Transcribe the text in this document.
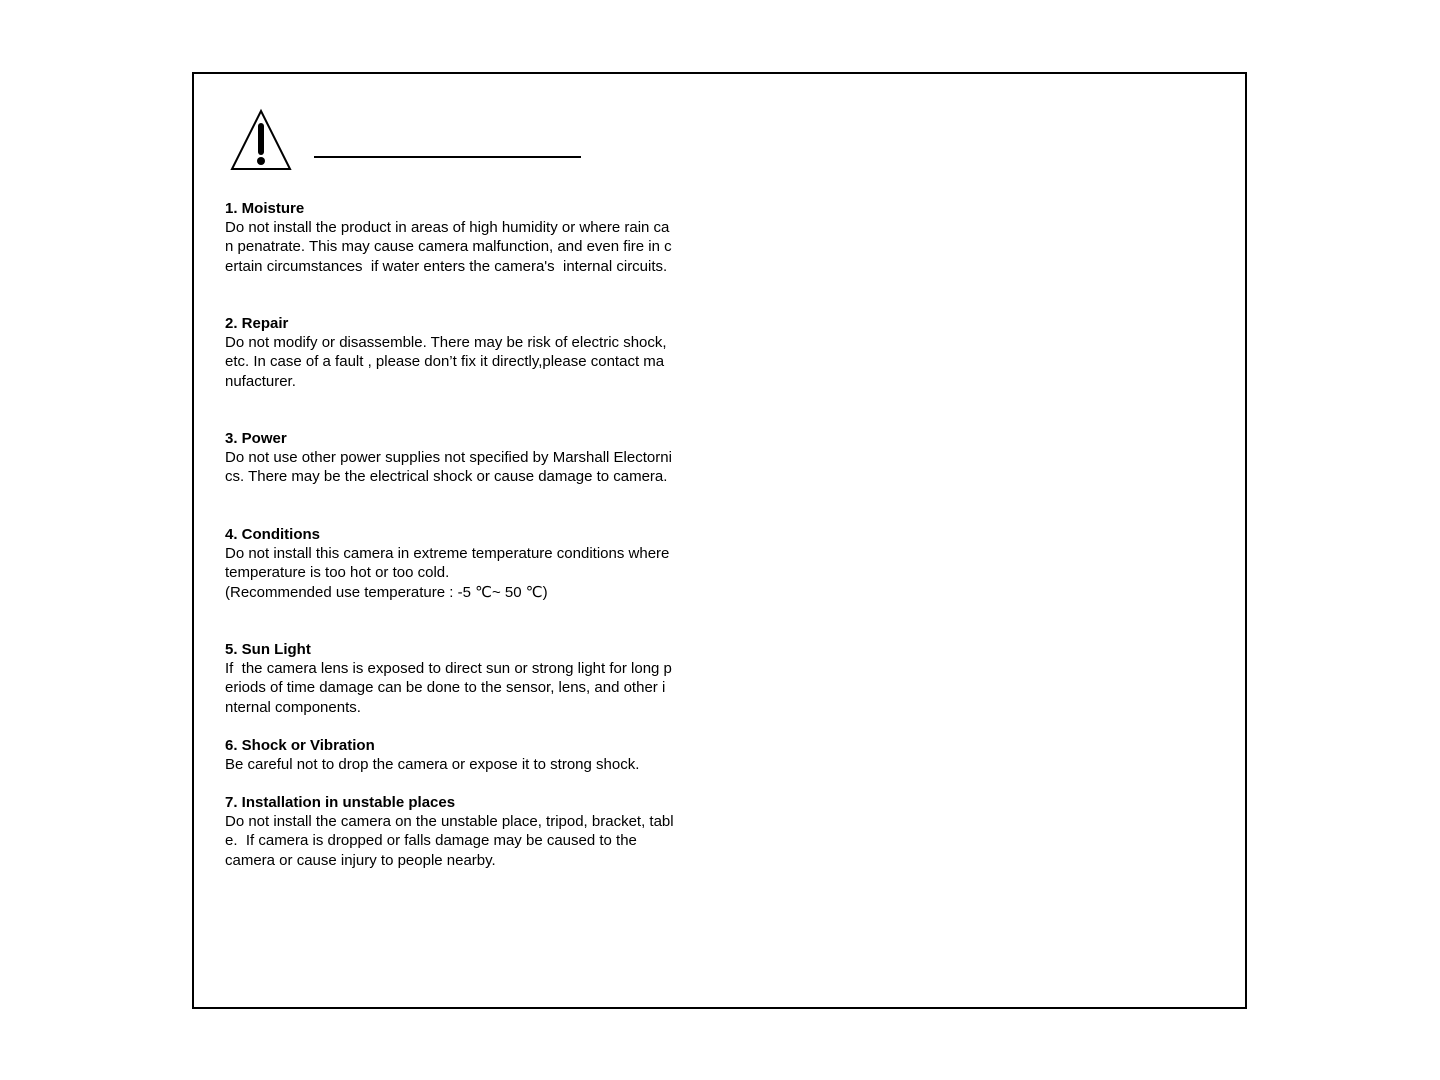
1. Moisture
Do not install the product in areas of high humidity or where rain ca
n penatrate. This may cause camera malfunction, and even fire in c
ertain circumstances  if water enters the camera's  internal circuits.
2. Repair
Do not modify or disassemble. There may be risk of electric shock,
etc. In case of a fault , please don’t fix it directly,please contact ma
nufacturer.
3. Power
Do not use other power supplies not specified by Marshall Electorni
cs. There may be the electrical shock or cause damage to camera.
4. Conditions
Do not install this camera in extreme temperature conditions where
temperature is too hot or too cold.
(Recommended use temperature : -5 ℃~ 50 ℃)
5. Sun Light
If  the camera lens is exposed to direct sun or strong light for long p
eriods of time damage can be done to the sensor, lens, and other i
nternal components.
6. Shock or Vibration
Be careful not to drop the camera or expose it to strong shock.
7. Installation in unstable places
Do not install the camera on the unstable place, tripod, bracket, tabl
e.  If camera is dropped or falls damage may be caused to the
camera or cause injury to people nearby.
